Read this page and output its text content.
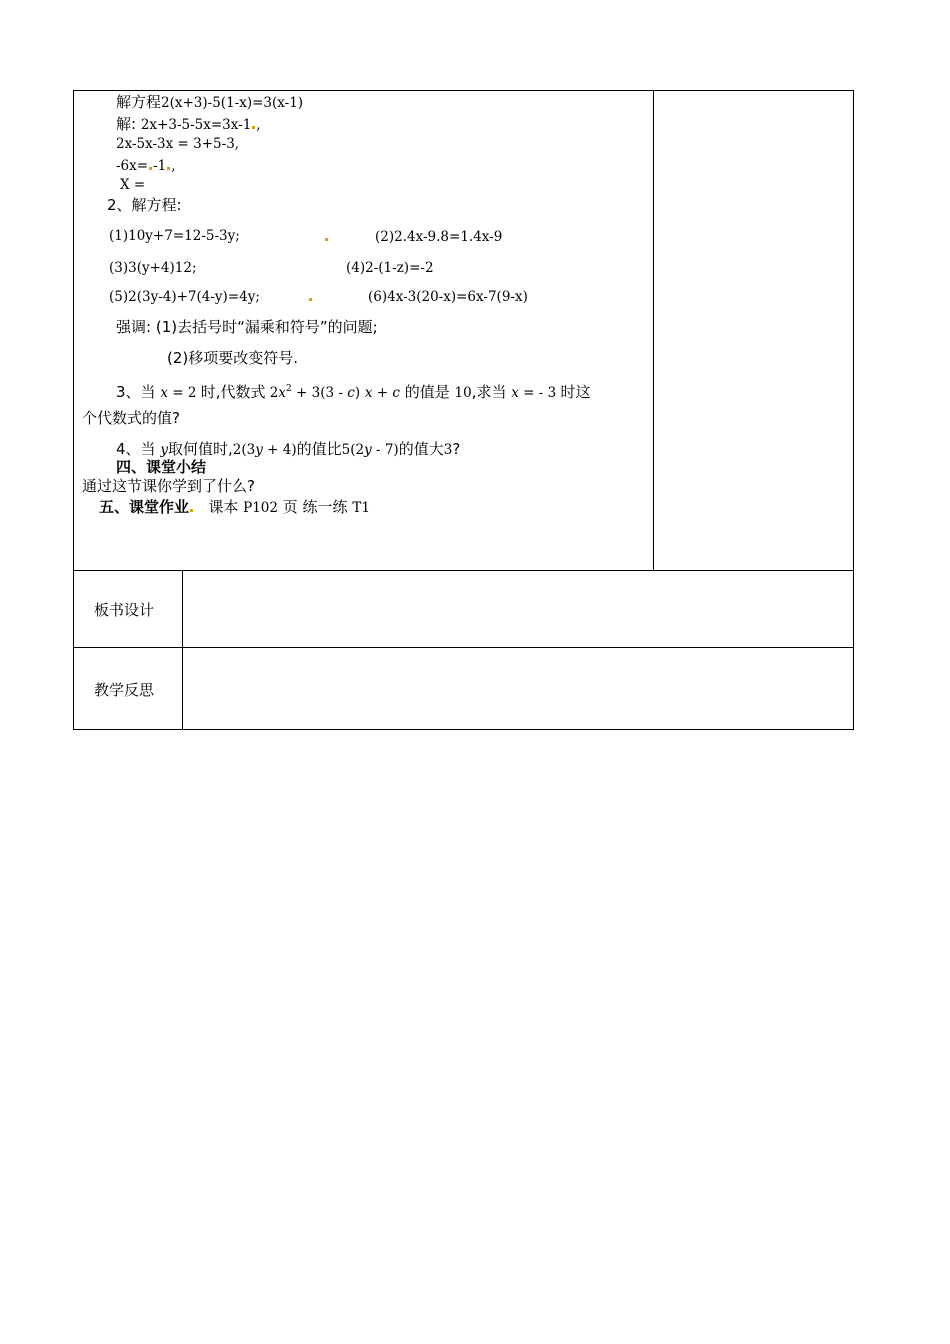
板书设计
教学反思
解方程2(x+3)-5(1-x)=3(x-1)
解: 2x+3-5-5x=3x-1 ,
2x-5x-3x = 3+5-3,
-6x= -1 ,
X =
2、解方程:
(1)10y+7=12-5-3y;	(2)2.4x-9.8=1.4x-9
(3)3(y+4)12;	(4)2-(1-z)=-2
(5)2(3y-4)+7(4-y)=4y;	(6)4x-3(20-x)=6x-7(9-x)
强调: (1)去括号时“漏乘和符号”的问题;
(2)移项要改变符号.
3、当 x = 2 时,代数式 $2x^2 + 3(3 - c) x + c$ 的值是 10,求当 x = - 3 时这
个代数式的值?
4、当 y取何值时,2(3y + 4)的值比5(2y - 7)的值大3?
四、课堂小结
通过这节课你学到了什么?
五、课堂作业 课本 P102 页 练一练 T1
